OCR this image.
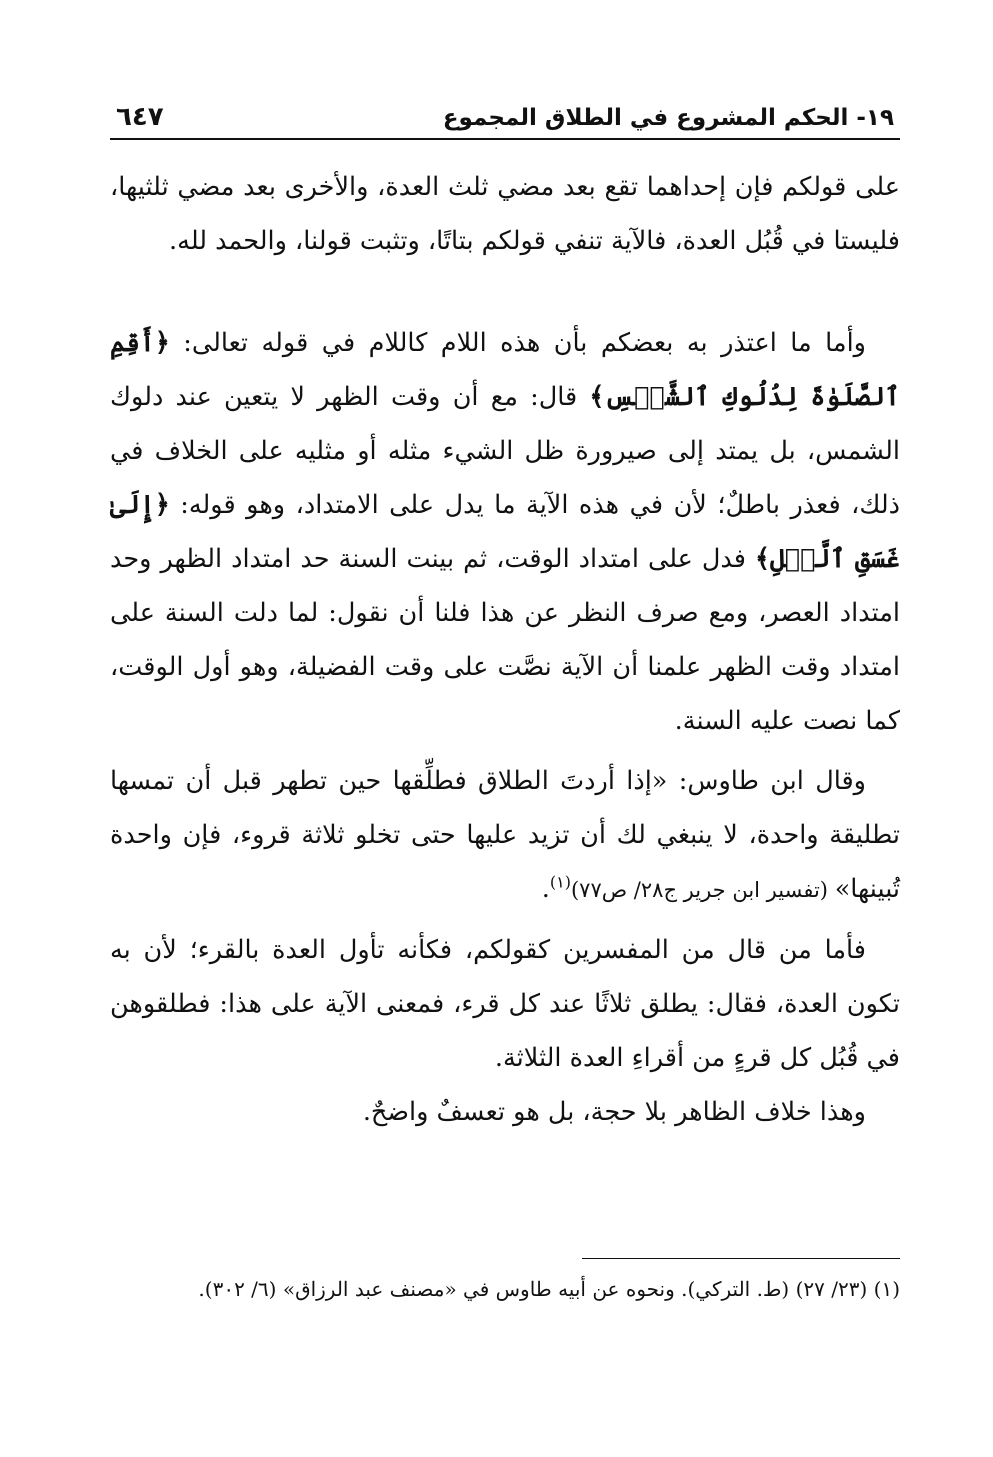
١٩- الحكم المشروع في الطلاق المجموع
٦٤٧

على قولكم فإن إحداهما تقع بعد مضي ثلث العدة، والأخرى بعد مضي ثلثيها، فليستا في قُبُل العدة، فالآية تنفي قولكم بتاتًا، وتثبت قولنا، والحمد لله.

وأما ما اعتذر به بعضكم بأن هذه اللام كاللام في قوله تعالى: ﴿أَقِمِ ٱلصَّلَوٰةَ لِدُلُوكِ ٱلشَّمۡسِ﴾ قال: مع أن وقت الظهر لا يتعين عند دلوك الشمس، بل يمتد إلى صيرورة ظل الشيء مثله أو مثليه على الخلاف في ذلك، فعذر باطلٌ؛ لأن في هذه الآية ما يدل على الامتداد، وهو قوله: ﴿إِلَىٰ غَسَقِ ٱلَّيۡلِ﴾ فدل على امتداد الوقت، ثم بينت السنة حد امتداد الظهر وحد امتداد العصر، ومع صرف النظر عن هذا فلنا أن نقول: لما دلت السنة على امتداد وقت الظهر علمنا أن الآية نصَّت على وقت الفضيلة، وهو أول الوقت، كما نصت عليه السنة.

وقال ابن طاوس: «إذا أردتَ الطلاق فطلِّقها حين تطهر قبل أن تمسها تطليقة واحدة، لا ينبغي لك أن تزيد عليها حتى تخلو ثلاثة قروء، فإن واحدة تُبينها» (تفسير ابن جرير ج٢٨/ ص٧٧)$^{(١)}$.

فأما من قال من المفسرين كقولكم، فكأنه تأول العدة بالقرء؛ لأن به تكون العدة، فقال: يطلق ثلاثًا عند كل قرء، فمعنى الآية على هذا: فطلقوهن في قُبُل كل قرءٍ من أقراءِ العدة الثلاثة.

وهذا خلاف الظاهر بلا حجة، بل هو تعسفٌ واضحٌ.

(١) (٢٣/ ٢٧) (ط. التركي). ونحوه عن أبيه طاوس في «مصنف عبد الرزاق» (٦/ ٣٠٢).
